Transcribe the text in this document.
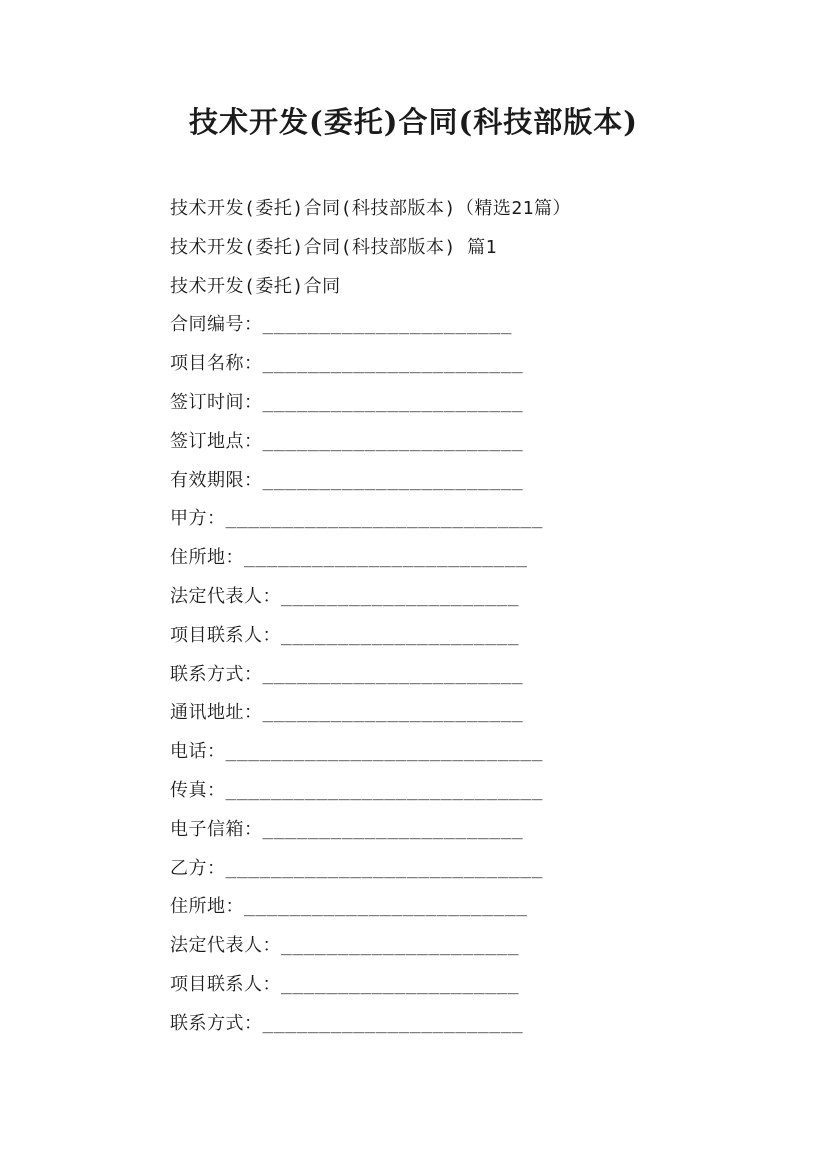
技术开发(委托)合同(科技部版本)
技术开发(委托)合同(科技部版本)（精选21篇）
技术开发(委托)合同(科技部版本) 篇1
技术开发(委托)合同
合同编号：______________________
项目名称：_______________________
签订时间：_______________________
签订地点：_______________________
有效期限：_______________________
甲方：____________________________
住所地：_________________________
法定代表人：_____________________
项目联系人：_____________________
联系方式：_______________________
通讯地址：_______________________
电话：____________________________
传真：____________________________
电子信箱：_______________________
乙方：____________________________
住所地：_________________________
法定代表人：_____________________
项目联系人：_____________________
联系方式：_______________________
